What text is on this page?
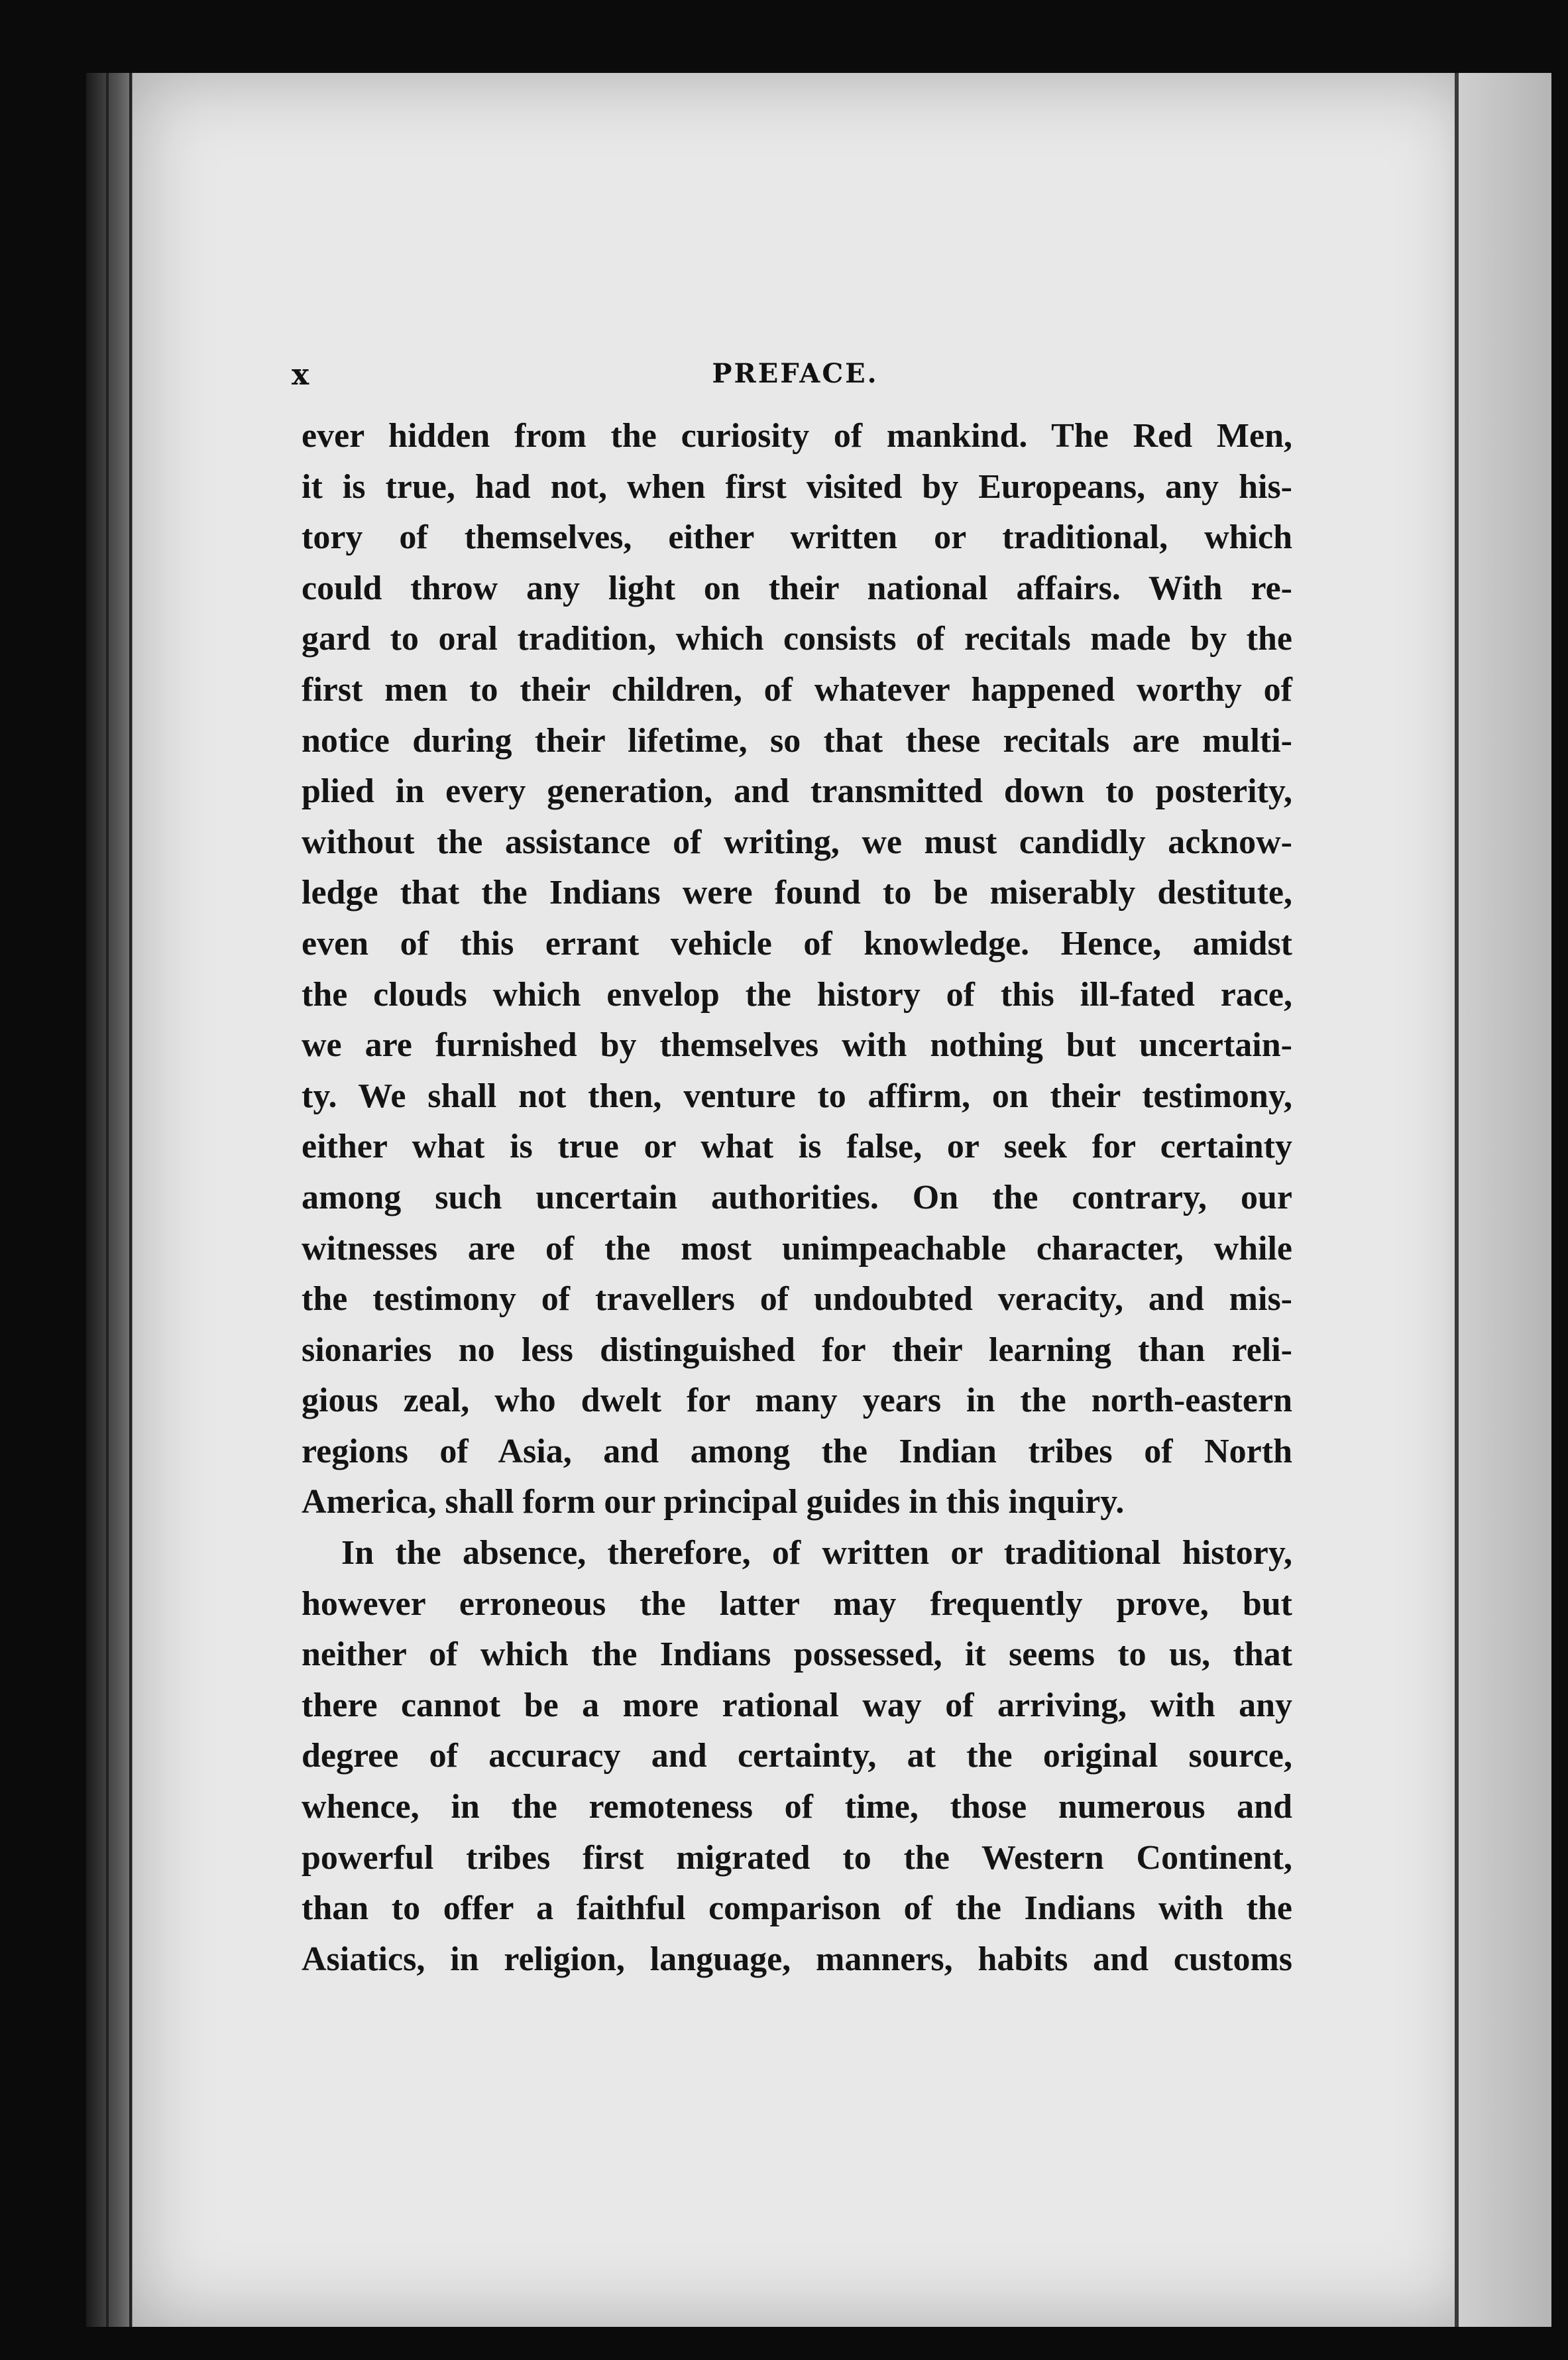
x	PREFACE.

ever hidden from the curiosity of mankind. The Red Men,
it is true, had not, when first visited by Europeans, any his-
tory of themselves, either written or traditional, which
could throw any light on their national affairs. With re-
gard to oral tradition, which consists of recitals made by the
first men to their children, of whatever happened worthy of
notice during their lifetime, so that these recitals are multi-
plied in every generation, and transmitted down to posterity,
without the assistance of writing, we must candidly acknow-
ledge that the Indians were found to be miserably destitute,
even of this errant vehicle of knowledge. Hence, amidst
the clouds which envelop the history of this ill-fated race,
we are furnished by themselves with nothing but uncertain-
ty. We shall not then, venture to affirm, on their testimony,
either what is true or what is false, or seek for certainty
among such uncertain authorities. On the contrary, our
witnesses are of the most unimpeachable character, while
the testimony of travellers of undoubted veracity, and mis-
sionaries no less distinguished for their learning than reli-
gious zeal, who dwelt for many years in the north-eastern
regions of Asia, and among the Indian tribes of North
America, shall form our principal guides in this inquiry.

In the absence, therefore, of written or traditional history,
however erroneous the latter may frequently prove, but
neither of which the Indians possessed, it seems to us, that
there cannot be a more rational way of arriving, with any
degree of accuracy and certainty, at the original source,
whence, in the remoteness of time, those numerous and
powerful tribes first migrated to the Western Continent,
than to offer a faithful comparison of the Indians with the
Asiatics, in religion, language, manners, habits and customs
